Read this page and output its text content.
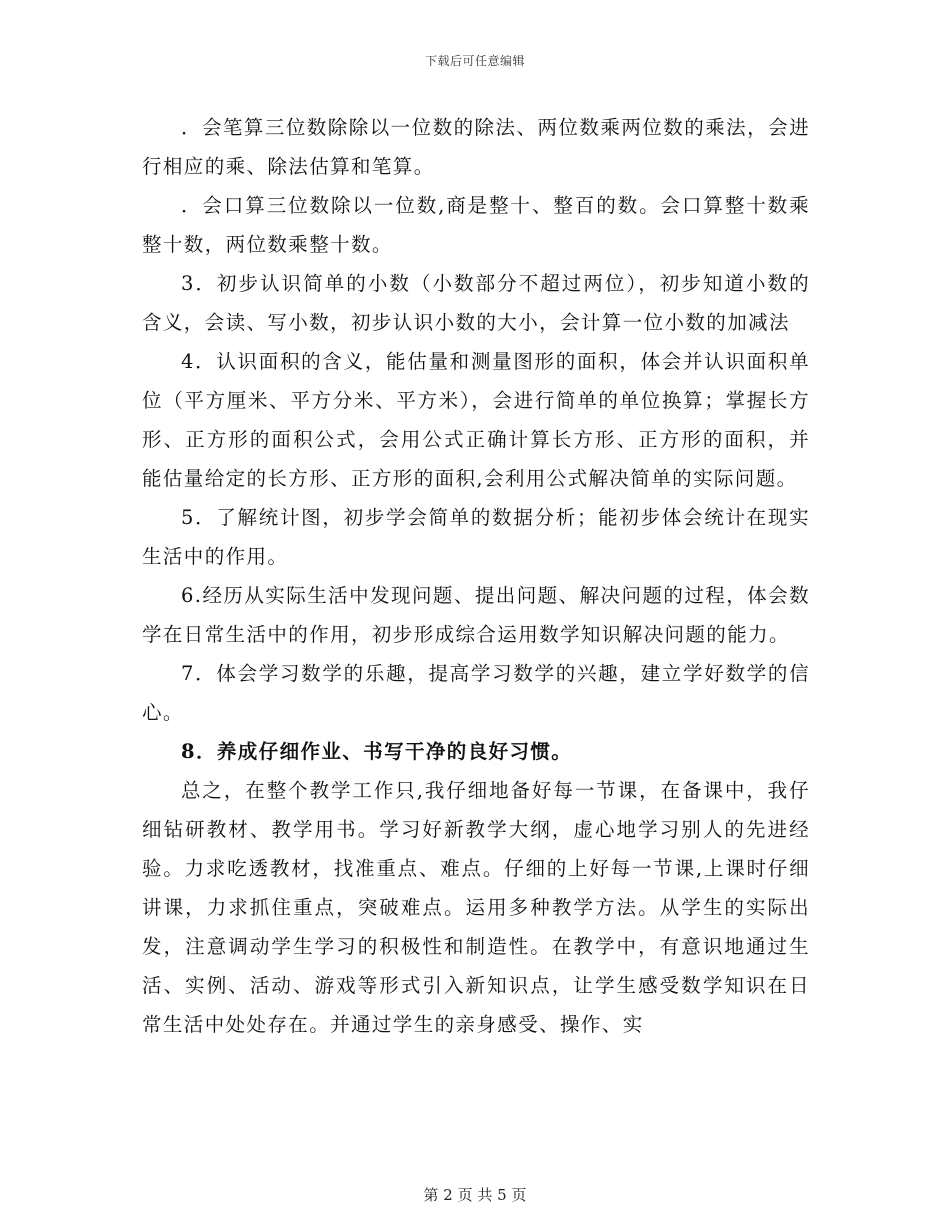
下载后可任意编辑

．会笔算三位数除除以一位数的除法、两位数乘两位数的乘法，会进行相应的乘、除法估算和笔算。

．会口算三位数除以一位数,商是整十、整百的数。会口算整十数乘整十数，两位数乘整十数。

3．初步认识简单的小数（小数部分不超过两位），初步知道小数的含义，会读、写小数，初步认识小数的大小，会计算一位小数的加减法

4．认识面积的含义，能估量和测量图形的面积，体会并认识面积单位（平方厘米、平方分米、平方米），会进行简单的单位换算；掌握长方形、正方形的面积公式，会用公式正确计算长方形、正方形的面积，并能估量给定的长方形、正方形的面积,会利用公式解决简单的实际问题。

5．了解统计图，初步学会简单的数据分析；能初步体会统计在现实生活中的作用。

6.经历从实际生活中发现问题、提出问题、解决问题的过程，体会数学在日常生活中的作用，初步形成综合运用数学知识解决问题的能力。

7．体会学习数学的乐趣，提高学习数学的兴趣，建立学好数学的信心。

8．养成仔细作业、书写干净的良好习惯。

总之，在整个教学工作只,我仔细地备好每一节课，在备课中，我仔细钻研教材、教学用书。学习好新教学大纲，虚心地学习别人的先进经验。力求吃透教材，找准重点、难点。仔细的上好每一节课,上课时仔细讲课，力求抓住重点，突破难点。运用多种教学方法。从学生的实际出发，注意调动学生学习的积极性和制造性。在教学中，有意识地通过生活、实例、活动、游戏等形式引入新知识点，让学生感受数学知识在日常生活中处处存在。并通过学生的亲身感受、操作、实

第 2 页 共 5 页
